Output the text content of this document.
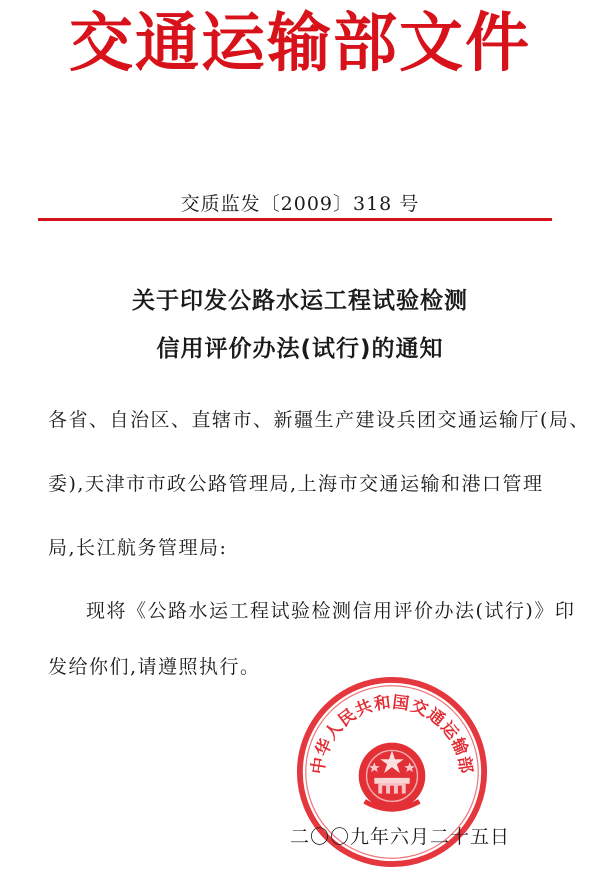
交通运输部文件
交质监发〔2009〕318 号
关于印发公路水运工程试验检测
信用评价办法(试行)的通知
各省、自治区、直辖市、新疆生产建设兵团交通运输厅(局、
委),天津市市政公路管理局,上海市交通运输和港口管理
局,长江航务管理局:
现将《公路水运工程试验检测信用评价办法(试行)》印
发给你们,请遵照执行。
中华人民共和国交通运输部
二〇〇九年六月二十五日
